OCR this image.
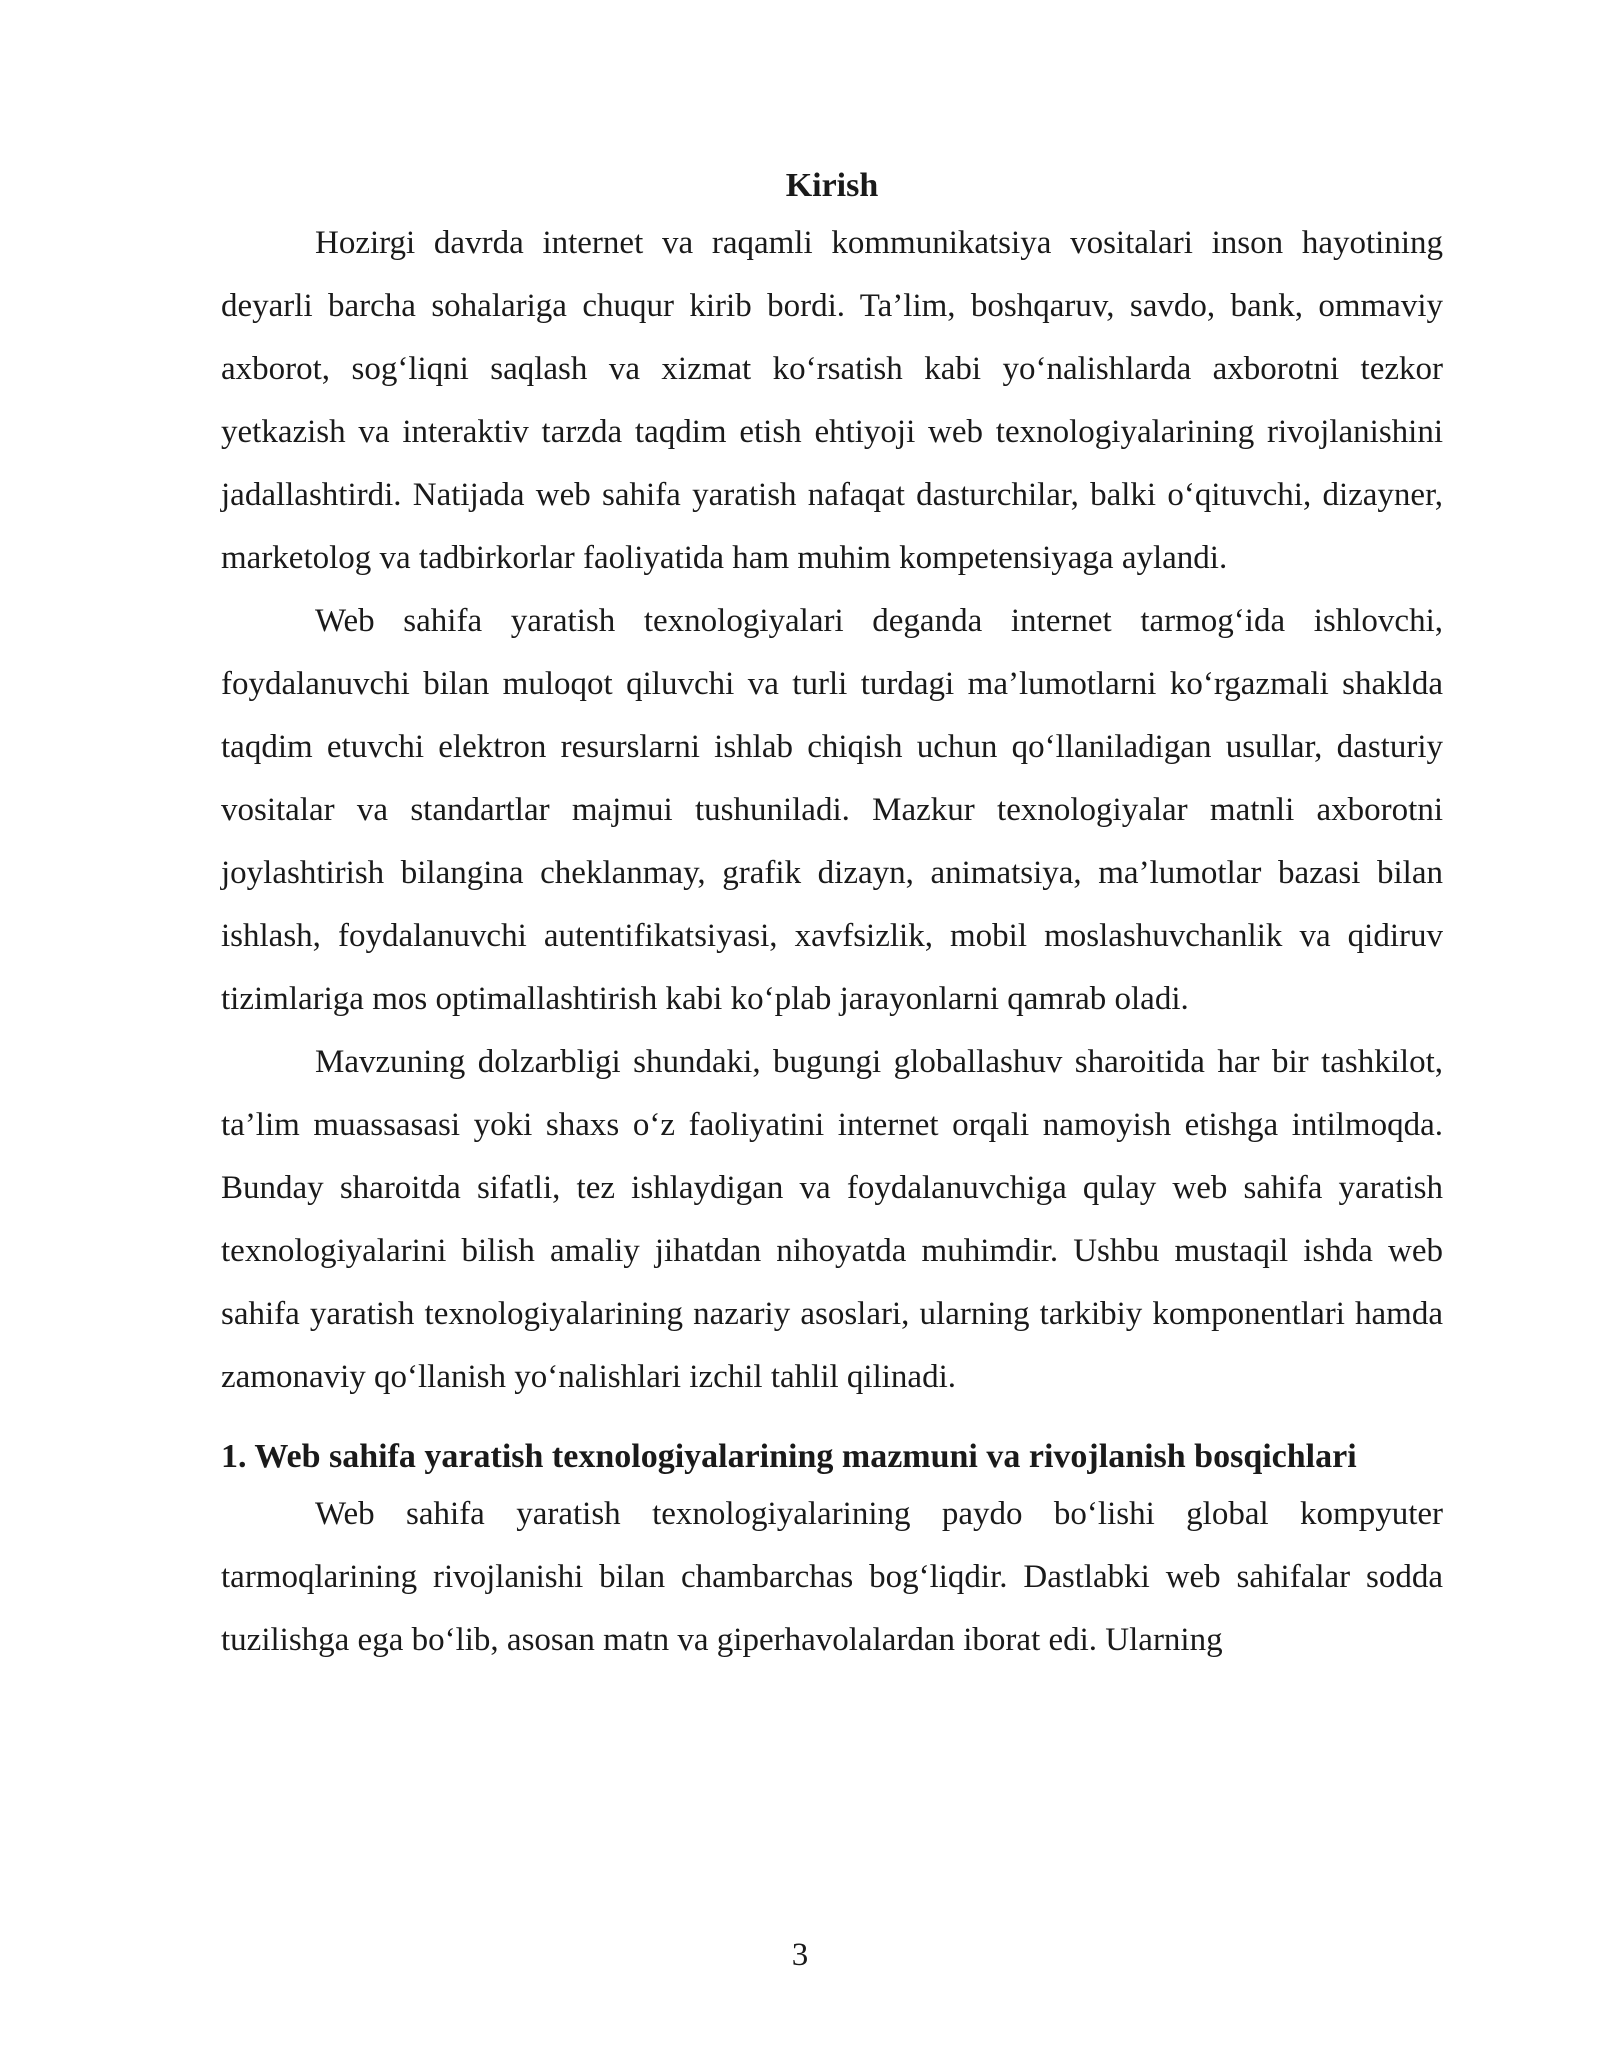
Kirish

Hozirgi davrda internet va raqamli kommunikatsiya vositalari inson hayotining deyarli barcha sohalariga chuqur kirib bordi. Ta’lim, boshqaruv, savdo, bank, ommaviy axborot, sog‘liqni saqlash va xizmat ko‘rsatish kabi yo‘nalishlarda axborotni tezkor yetkazish va interaktiv tarzda taqdim etish ehtiyoji web texnologiyalarining rivojlanishini jadallashtirdi. Natijada web sahifa yaratish nafaqat dasturchilar, balki o‘qituvchi, dizayner, marketolog va tadbirkorlar faoliyatida ham muhim kompetensiyaga aylandi.

Web sahifa yaratish texnologiyalari deganda internet tarmog‘ida ishlovchi, foydalanuvchi bilan muloqot qiluvchi va turli turdagi ma’lumotlarni ko‘rgazmali shaklda taqdim etuvchi elektron resurslarni ishlab chiqish uchun qo‘llaniladigan usullar, dasturiy vositalar va standartlar majmui tushuniladi. Mazkur texnologiyalar matnli axborotni joylashtirish bilangina cheklanmay, grafik dizayn, animatsiya, ma’lumotlar bazasi bilan ishlash, foydalanuvchi autentifikatsiyasi, xavfsizlik, mobil moslashuvchanlik va qidiruv tizimlariga mos optimallashtirish kabi ko‘plab jarayonlarni qamrab oladi.

Mavzuning dolzarbligi shundaki, bugungi globallashuv sharoitida har bir tashkilot, ta’lim muassasasi yoki shaxs o‘z faoliyatini internet orqali namoyish etishga intilmoqda. Bunday sharoitda sifatli, tez ishlaydigan va foydalanuvchiga qulay web sahifa yaratish texnologiyalarini bilish amaliy jihatdan nihoyatda muhimdir. Ushbu mustaqil ishda web sahifa yaratish texnologiyalarining nazariy asoslari, ularning tarkibiy komponentlari hamda zamonaviy qo‘llanish yo‘nalishlari izchil tahlil qilinadi.

1. Web sahifa yaratish texnologiyalarining mazmuni va rivojlanish bosqichlari

Web sahifa yaratish texnologiyalarining paydo bo‘lishi global kompyuter tarmoqlarining rivojlanishi bilan chambarchas bog‘liqdir. Dastlabki web sahifalar sodda tuzilishga ega bo‘lib, asosan matn va giperhavolalardan iborat edi. Ularning

3
